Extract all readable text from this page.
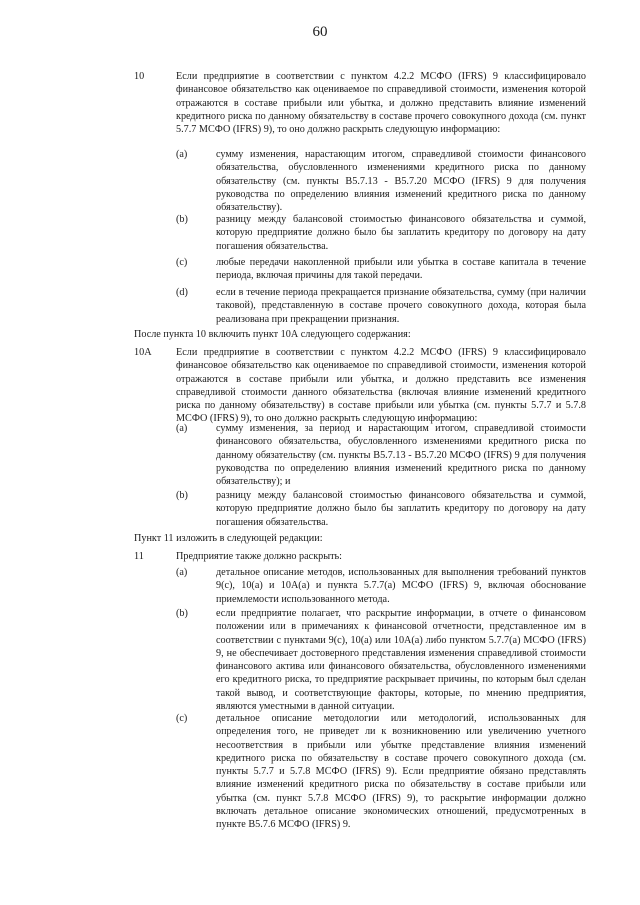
60
10	Если предприятие в соответствии с пунктом 4.2.2 МСФО (IFRS) 9 классифицировало финансовое обязательство как оцениваемое по справедливой стоимости, изменения которой отражаются в составе прибыли или убытка, и должно представить влияние изменений кредитного риска по данному обязательству в составе прочего совокупного дохода (см. пункт 5.7.7 МСФО (IFRS) 9), то оно должно раскрыть следующую информацию:
(a)	сумму изменения, нарастающим итогом, справедливой стоимости финансового обязательства, обусловленного изменениями кредитного риска по данному обязательству (см. пункты B5.7.13 - B5.7.20 МСФО (IFRS) 9 для получения руководства по определению влияния изменений кредитного риска по данному обязательству).
(b)	разницу между балансовой стоимостью финансового обязательства и суммой, которую предприятие должно было бы заплатить кредитору по договору на дату погашения обязательства.
(c)	любые передачи накопленной прибыли или убытка в составе капитала в течение периода, включая причины для такой передачи.
(d)	если в течение периода прекращается признание обязательства, сумму (при наличии таковой), представленную в составе прочего совокупного дохода, которая была реализована при прекращении признания.
После пункта 10 включить пункт 10А следующего содержания:
10A Если предприятие в соответствии с пунктом 4.2.2 МСФО (IFRS) 9 классифицировало финансовое обязательство как оцениваемое по справедливой стоимости, изменения которой отражаются в составе прибыли или убытка, и должно представить все изменения справедливой стоимости данного обязательства (включая влияние изменений кредитного риска по данному обязательству) в составе прибыли или убытка (см. пункты 5.7.7 и 5.7.8 МСФО (IFRS) 9), то оно должно раскрыть следующую информацию:
(a)	сумму изменения, за период и нарастающим итогом, справедливой стоимости финансового обязательства, обусловленного изменениями кредитного риска по данному обязательству (см. пункты B5.7.13 - B5.7.20 МСФО (IFRS) 9 для получения руководства по определению влияния изменений кредитного риска по данному обязательству); и
(b)	разницу между балансовой стоимостью финансового обязательства и суммой, которую предприятие должно было бы заплатить кредитору по договору на дату погашения обязательства.
Пункт 11 изложить в следующей редакции:
11	Предприятие также должно раскрыть:
(a)	детальное описание методов, использованных для выполнения требований пунктов 9(c), 10(a) и 10A(a) и пункта 5.7.7(a) МСФО (IFRS) 9, включая обоснование приемлемости использованного метода.
(b)	если предприятие полагает, что раскрытие информации, в отчете о финансовом положении или в примечаниях к финансовой отчетности, представленное им в соответствии с пунктами 9(c), 10(a) или 10A(a) либо пунктом 5.7.7(a) МСФО (IFRS) 9, не обеспечивает достоверного представления изменения справедливой стоимости финансового актива или финансового обязательства, обусловленного изменениями его кредитного риска, то предприятие раскрывает причины, по которым был сделан такой вывод, и соответствующие факторы, которые, по мнению предприятия, являются уместными в данной ситуации.
(c)	детальное описание методологии или методологий, использованных для определения того, не приведет ли к возникновению или увеличению учетного несоответствия в прибыли или убытке представление влияния изменений кредитного риска по обязательству в составе прочего совокупного дохода (см. пункты 5.7.7 и 5.7.8 МСФО (IFRS) 9). Если предприятие обязано представлять влияние изменений кредитного риска по обязательству в составе прибыли или убытка (см. пункт 5.7.8 МСФО (IFRS) 9), то раскрытие информации должно включать детальное описание экономических отношений, предусмотренных в пункте B5.7.6 МСФО (IFRS) 9.
